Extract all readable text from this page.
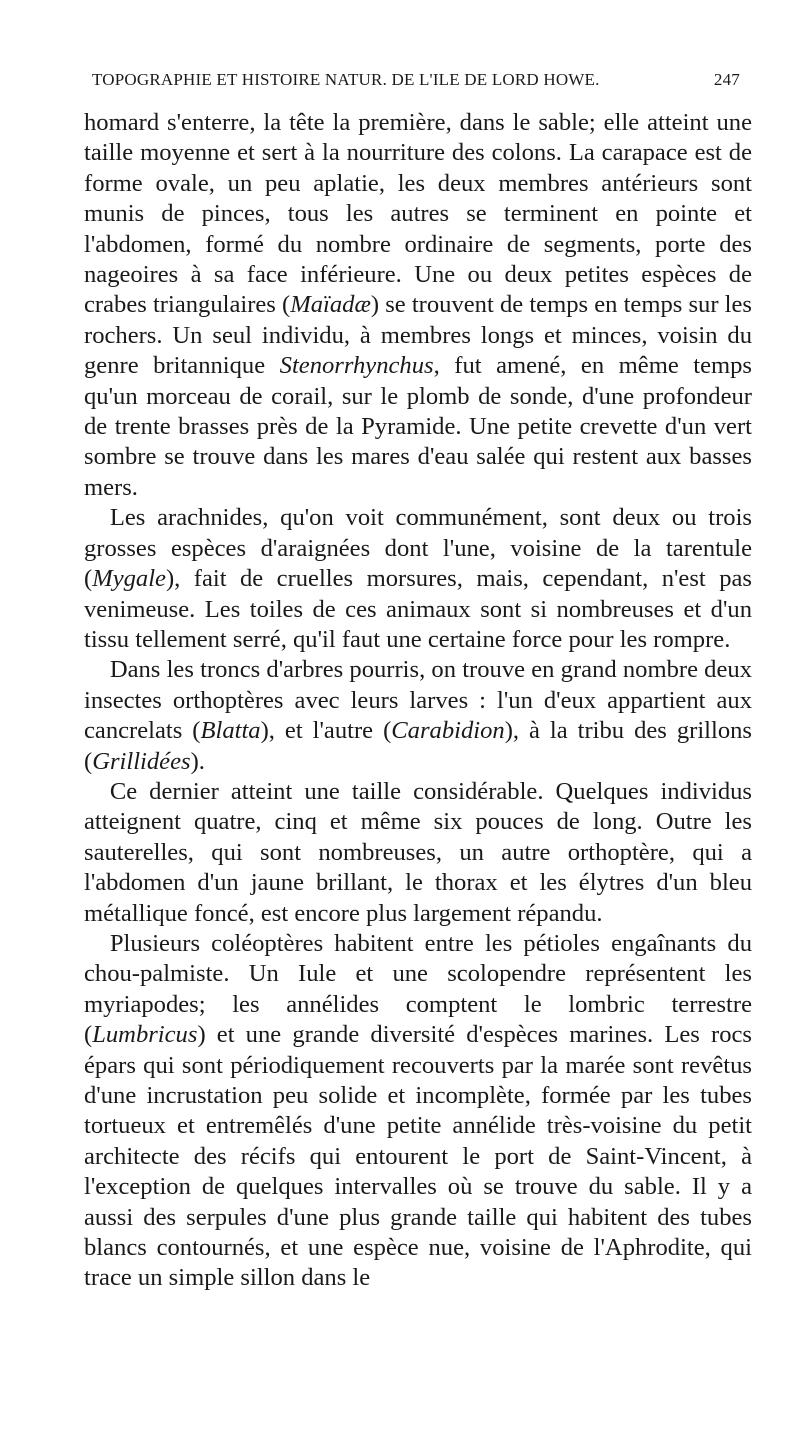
TOPOGRAPHIE ET HISTOIRE NATUR. DE L'ILE DE LORD HOWE.	247

homard s'enterre, la tête la première, dans le sable; elle atteint une taille moyenne et sert à la nourriture des colons. La carapace est de forme ovale, un peu aplatie, les deux membres antérieurs sont munis de pinces, tous les autres se terminent en pointe et l'abdomen, formé du nombre ordinaire de segments, porte des nageoires à sa face inférieure. Une ou deux petites espèces de crabes triangulaires (Maïadæ) se trouvent de temps en temps sur les rochers. Un seul individu, à membres longs et minces, voisin du genre britannique Stenorrhynchus, fut amené, en même temps qu'un morceau de corail, sur le plomb de sonde, d'une profondeur de trente brasses près de la Pyramide. Une petite crevette d'un vert sombre se trouve dans les mares d'eau salée qui restent aux basses mers.

Les arachnides, qu'on voit communément, sont deux ou trois grosses espèces d'araignées dont l'une, voisine de la tarentule (Mygale), fait de cruelles morsures, mais, cependant, n'est pas venimeuse. Les toiles de ces animaux sont si nombreuses et d'un tissu tellement serré, qu'il faut une certaine force pour les rompre.

Dans les troncs d'arbres pourris, on trouve en grand nombre deux insectes orthoptères avec leurs larves : l'un d'eux appartient aux cancrelats (Blatta), et l'autre (Carabidion), à la tribu des grillons (Grillidées).

Ce dernier atteint une taille considérable. Quelques individus atteignent quatre, cinq et même six pouces de long. Outre les sauterelles, qui sont nombreuses, un autre orthoptère, qui a l'abdomen d'un jaune brillant, le thorax et les élytres d'un bleu métallique foncé, est encore plus largement répandu.

Plusieurs coléoptères habitent entre les pétioles engaînants du chou-palmiste. Un Iule et une scolopendre représentent les myriapodes; les annélides comptent le lombric terrestre (Lumbricus) et une grande diversité d'espèces marines. Les rocs épars qui sont périodiquement recouverts par la marée sont revêtus d'une incrustation peu solide et incomplète, formée par les tubes tortueux et entremêlés d'une petite annélide très-voisine du petit architecte des récifs qui entourent le port de Saint-Vincent, à l'exception de quelques intervalles où se trouve du sable. Il y a aussi des serpules d'une plus grande taille qui habitent des tubes blancs contournés, et une espèce nue, voisine de l'Aphrodite, qui trace un simple sillon dans le
